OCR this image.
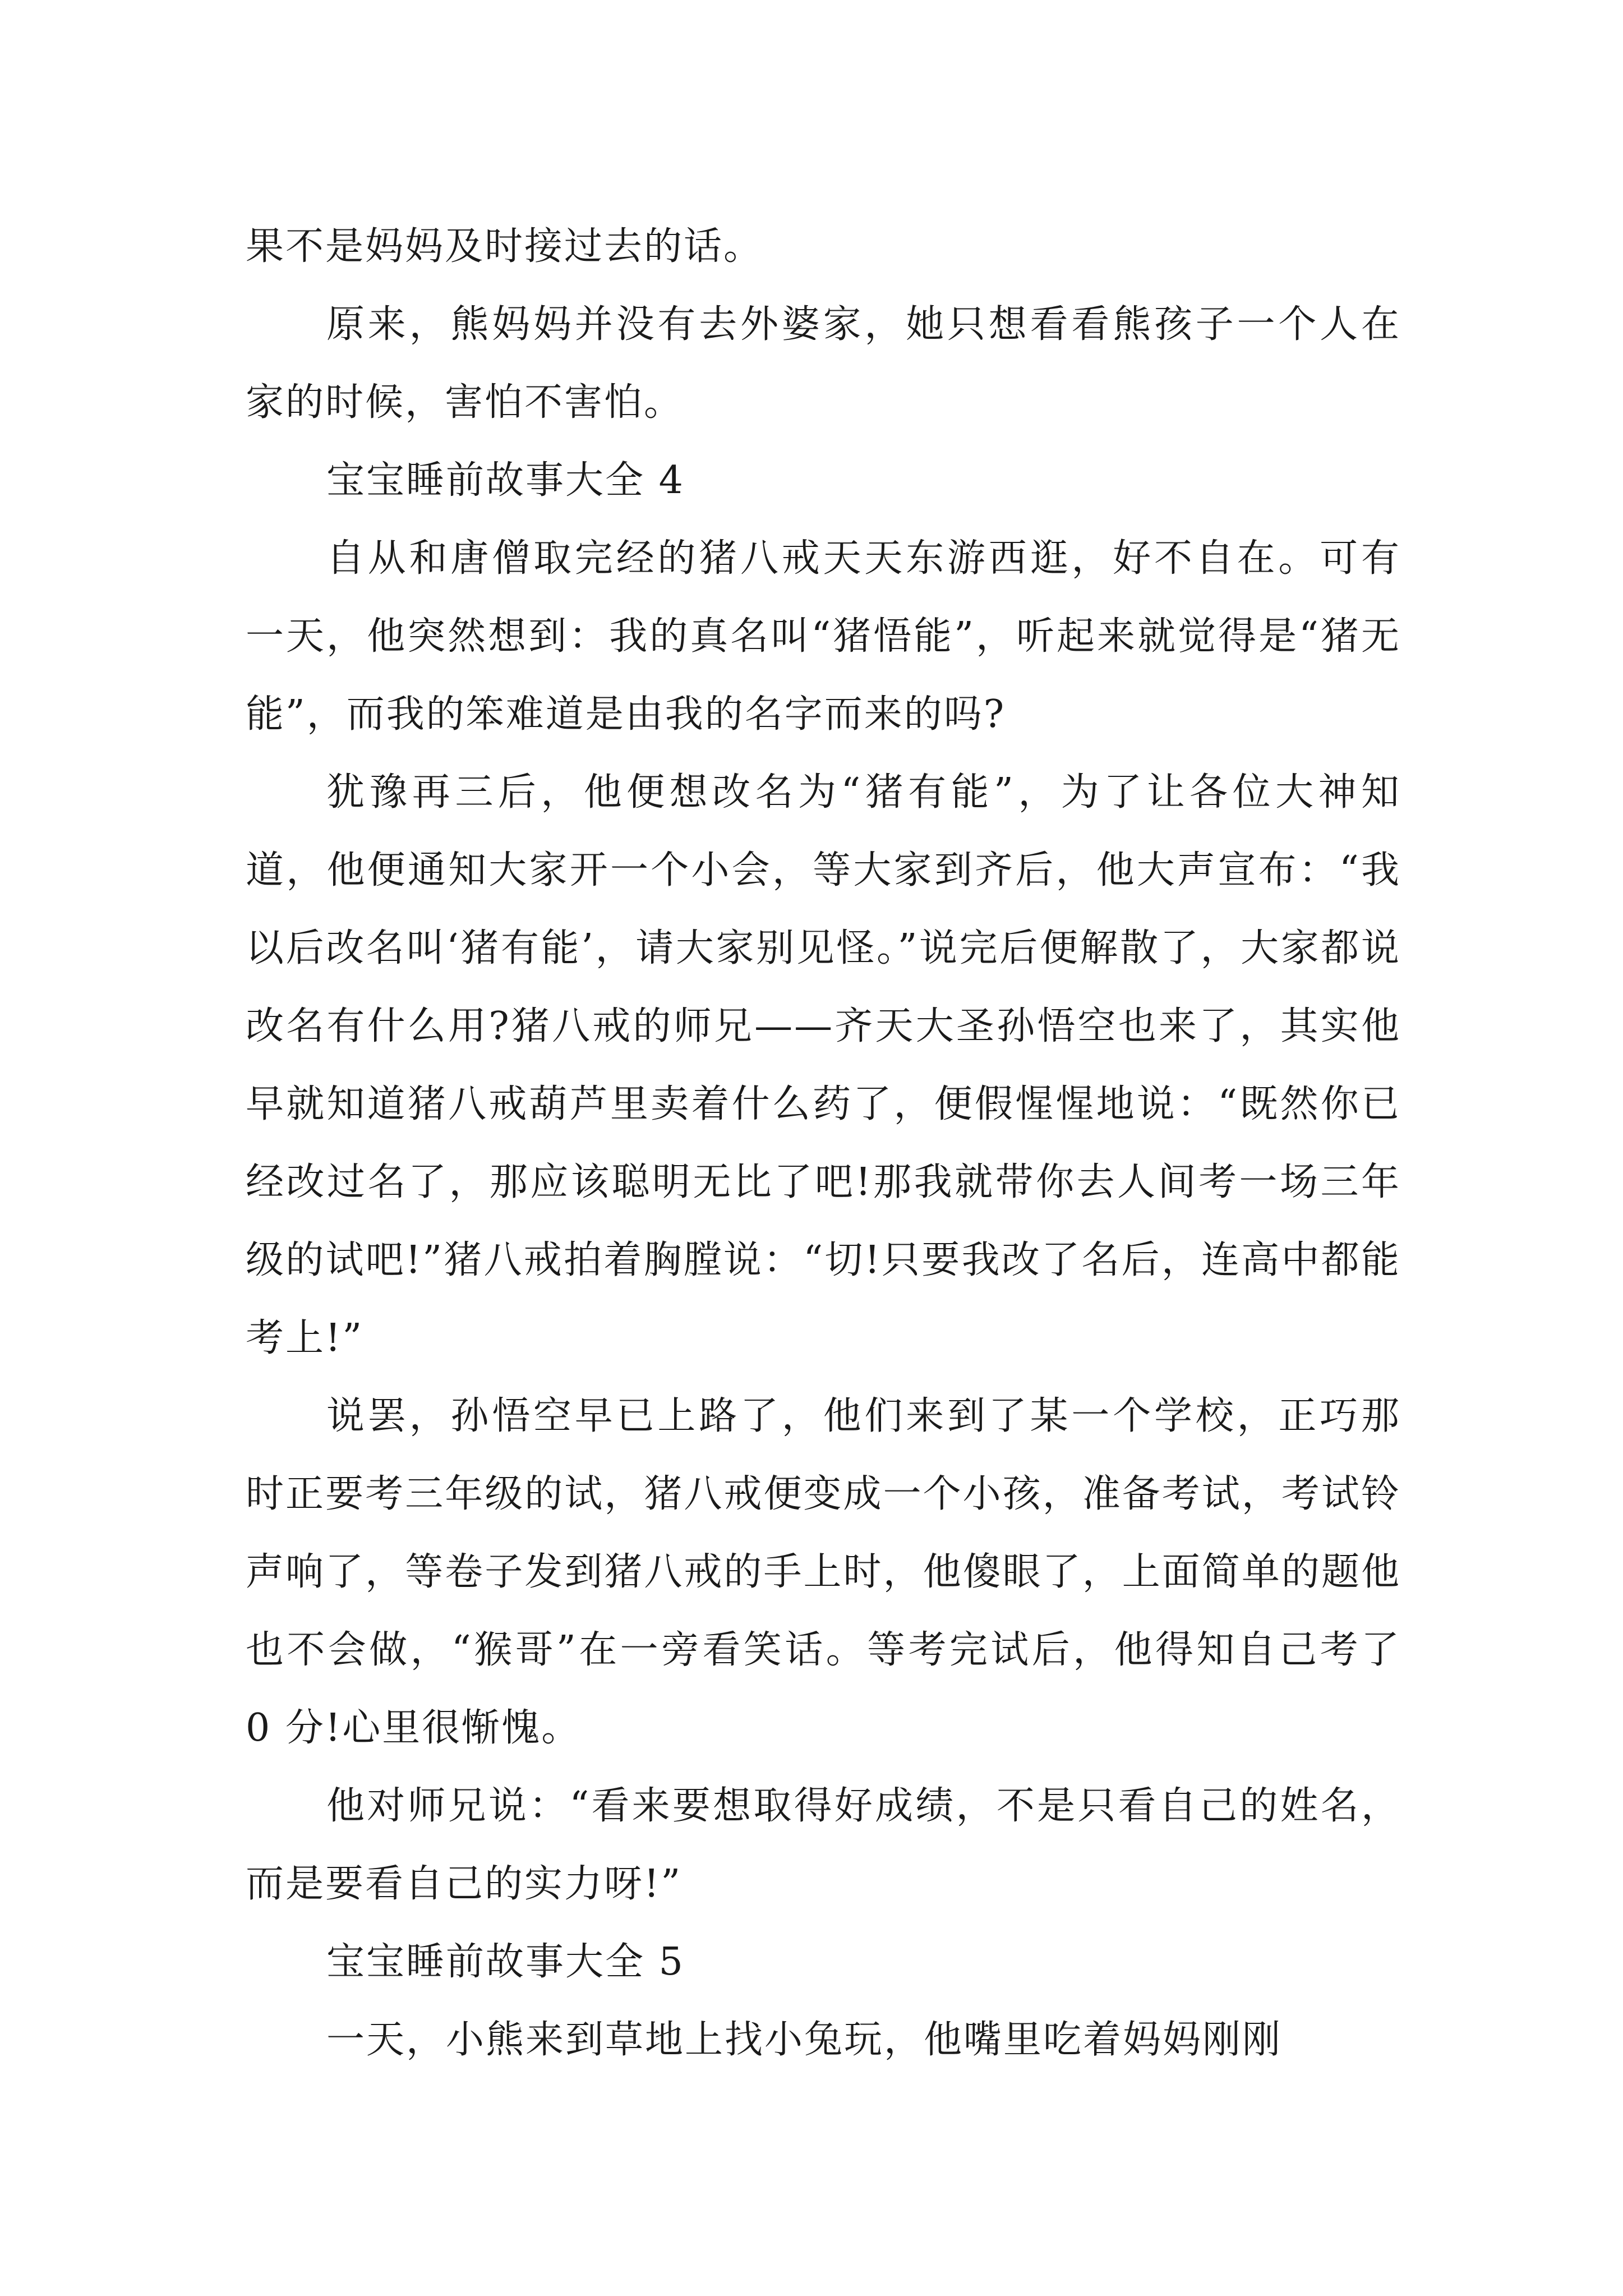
果不是妈妈及时接过去的话。

原来，熊妈妈并没有去外婆家，她只想看看熊孩子一个人在家的时候，害怕不害怕。

宝宝睡前故事大全 4

自从和唐僧取完经的猪八戒天天东游西逛，好不自在。可有一天，他突然想到：我的真名叫“猪悟能”，听起来就觉得是“猪无能”，而我的笨难道是由我的名字而来的吗?

犹豫再三后，他便想改名为“猪有能”，为了让各位大神知道，他便通知大家开一个小会，等大家到齐后，他大声宣布：“我以后改名叫‘猪有能’，请大家别见怪。”说完后便解散了，大家都说改名有什么用?猪八戒的师兄——齐天大圣孙悟空也来了，其实他早就知道猪八戒葫芦里卖着什么药了，便假惺惺地说：“既然你已经改过名了，那应该聪明无比了吧!那我就带你去人间考一场三年级的试吧!”猪八戒拍着胸膛说：“切!只要我改了名后，连高中都能考上!”

说罢，孙悟空早已上路了，他们来到了某一个学校，正巧那时正要考三年级的试，猪八戒便变成一个小孩，准备考试，考试铃声响了，等卷子发到猪八戒的手上时，他傻眼了，上面简单的题他也不会做，“猴哥”在一旁看笑话。等考完试后，他得知自己考了 0 分!心里很惭愧。

他对师兄说：“看来要想取得好成绩，不是只看自己的姓名，而是要看自己的实力呀!”

宝宝睡前故事大全 5

一天，小熊来到草地上找小兔玩，他嘴里吃着妈妈刚刚
